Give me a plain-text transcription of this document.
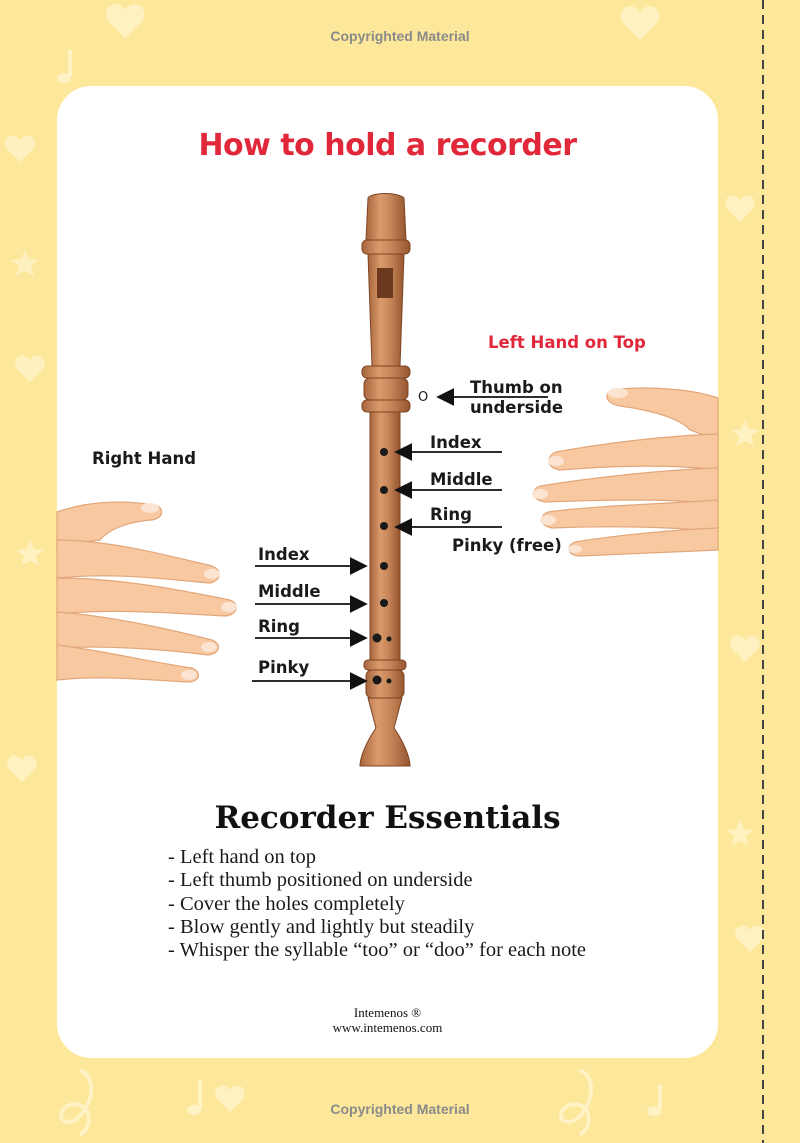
Copyrighted Material
Copyrighted Material
How to hold a recorder
Left Hand on Top
Right Hand
O
Thumb on
underside
Index
Middle
Ring
Pinky (free)
Index
Middle
Ring
Pinky
Recorder Essentials
- Left hand on top
- Left thumb positioned on underside
- Cover the holes completely
- Blow gently and lightly but steadily
- Whisper the syllable “too” or “doo” for each note
Intemenos ®
www.intemenos.com
